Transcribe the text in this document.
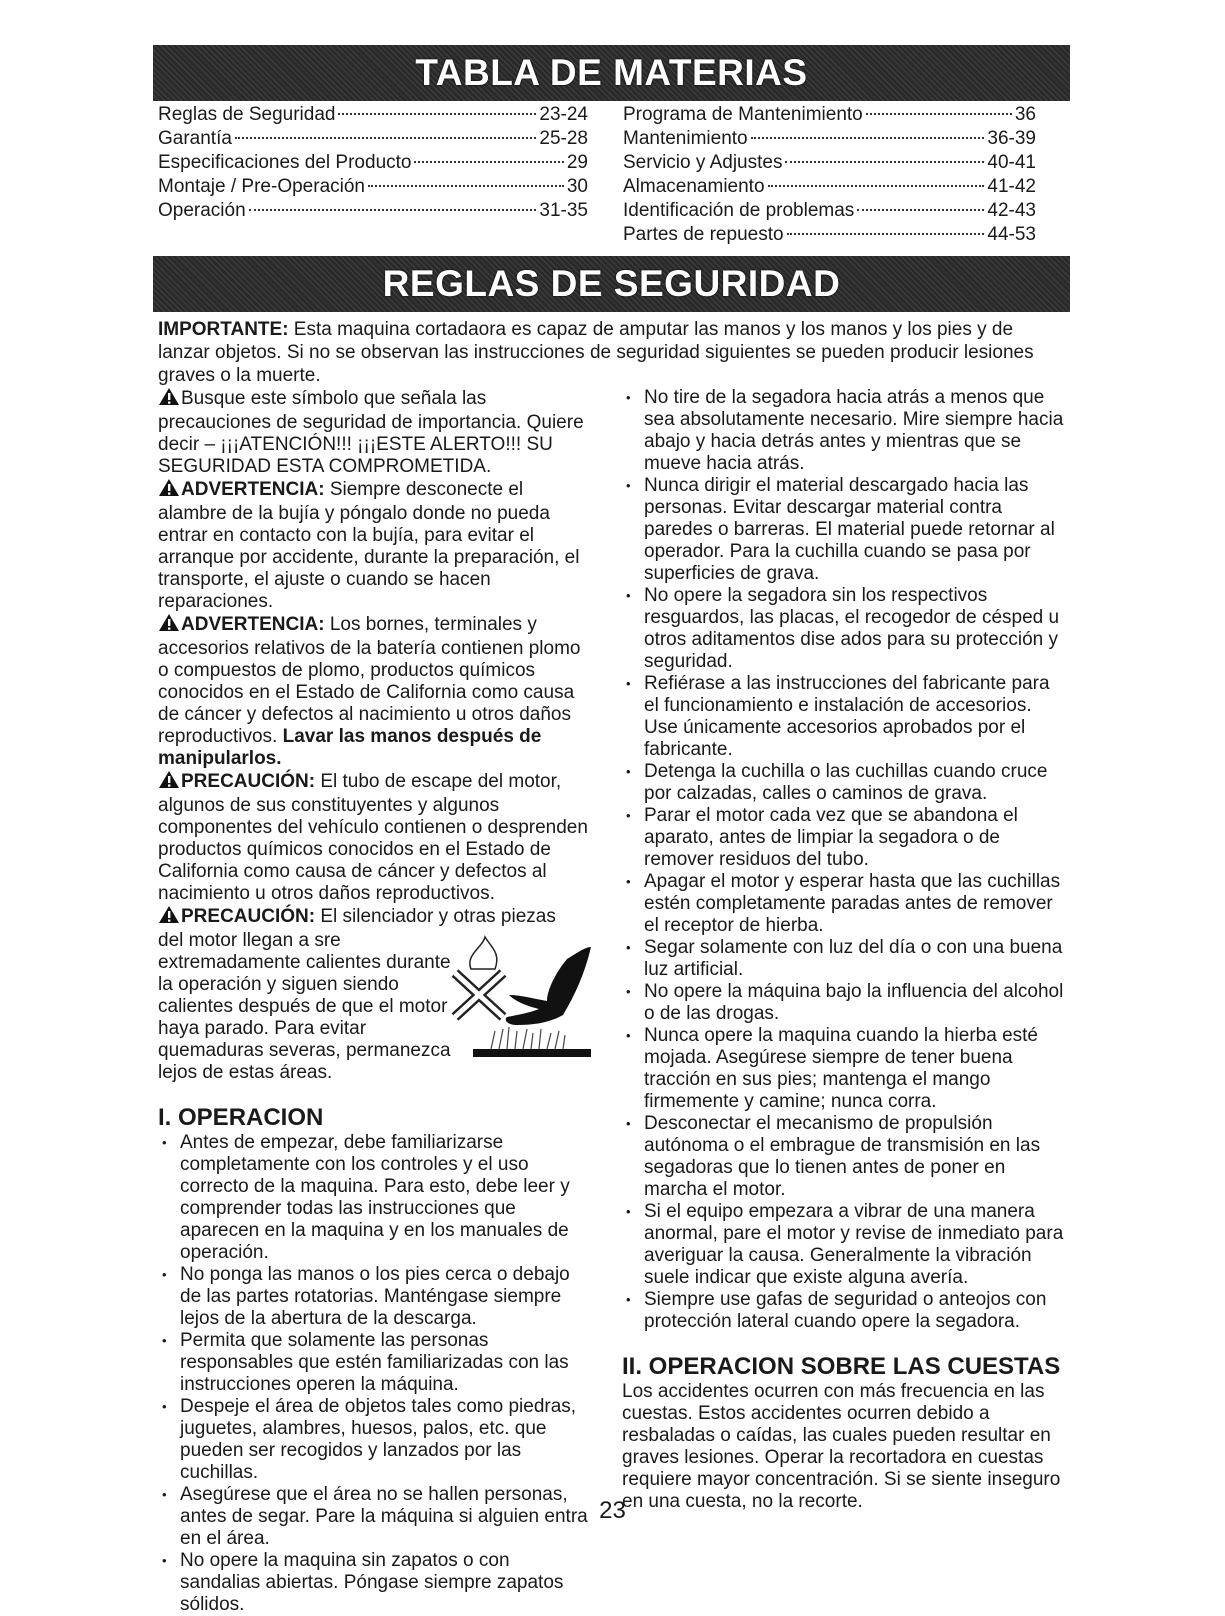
TABLA DE MATERIAS
Reglas de Seguridad	23-24
Garantía	25-28
Especificaciones del Producto	29
Montaje / Pre-Operación	30
Operación	31-35
Programa de Mantenimiento	36
Mantenimiento	36-39
Servicio y Adjustes	40-41
Almacenamiento	41-42
Identificación de problemas	42-43
Partes de repuesto	44-53
REGLAS DE SEGURIDAD

IMPORTANTE: Esta maquina cortadaora es capaz de amputar las manos y los manos y los pies y de lanzar objetos. Si no se observan las instrucciones de seguridad siguientes se pueden producir lesiones graves o la muerte.

Busque este símbolo que señala las precauciones de seguridad de importancia. Quiere decir – ¡¡¡ATENCIÓN!!! ¡¡¡ESTE ALERTO!!! SU SEGURIDAD ESTA COMPROMETIDA.

ADVERTENCIA: Siempre desconecte el alambre de la bujía y póngalo donde no pueda entrar en contacto con la bujía, para evitar el arranque por accidente, durante la preparación, el transporte, el ajuste o cuando se hacen reparaciones.

ADVERTENCIA: Los bornes, terminales y accesorios relativos de la batería contienen plomo o compuestos de plomo, productos químicos conocidos en el Estado de California como causa de cáncer y defectos al nacimiento u otros daños reproductivos. Lavar las manos después de manipularlos.

PRECAUCIÓN: El tubo de escape del motor, algunos de sus constituyentes y algunos componentes del vehículo contienen o desprenden productos químicos conocidos en el Estado de California como causa de cáncer y defectos al nacimiento u otros daños reproductivos.

PRECAUCIÓN: El silenciador y otras piezas

del motor llegan a sre extremadamente calientes durante la operación y siguen siendo calientes después de que el motor haya parado. Para evitar quemaduras severas, permanezca lejos de estas áreas.

I. OPERACION

• Antes de empezar, debe familiarizarse completamente con los controles y el uso correcto de la maquina. Para esto, debe leer y comprender todas las instrucciones que aparecen en la maquina y en los manuales de operación.
• No ponga las manos o los pies cerca o debajo de las partes rotatorias. Manténgase siempre lejos de la abertura de la descarga.
• Permita que solamente las personas responsables que estén familiarizadas con las instrucciones operen la máquina.
• Despeje el área de objetos tales como piedras, juguetes, alambres, huesos, palos, etc. que pueden ser recogidos y lanzados por las cuchillas.
• Asegúrese que el área no se hallen personas, antes de segar. Pare la máquina si alguien entra en el área.
• No opere la maquina sin zapatos o con sandalias abiertas. Póngase siempre zapatos sólidos.
• No tire de la segadora hacia atrás a menos que sea absolutamente necesario. Mire siempre hacia abajo y hacia detrás antes y mientras que se mueve hacia atrás.
• Nunca dirigir el material descargado hacia las personas. Evitar descargar material contra paredes o barreras. El material puede retornar al operador. Para la cuchilla cuando se pasa por superficies de grava.
• No opere la segadora sin los respectivos resguardos, las placas, el recogedor de césped u otros aditamentos dise ados para su protección y seguridad.
• Refiérase a las instrucciones del fabricante para el funcionamiento e instalación de accesorios. Use únicamente accesorios aprobados por el fabricante.
• Detenga la cuchilla o las cuchillas cuando cruce por calzadas, calles o caminos de grava.
• Parar el motor cada vez que se abandona el aparato, antes de limpiar la segadora o de remover residuos del tubo.
• Apagar el motor y esperar hasta que las cuchillas estén completamente paradas antes de remover el receptor de hierba.
• Segar solamente con luz del día o con una buena luz artificial.
• No opere la máquina bajo la influencia del alcohol o de las drogas.
• Nunca opere la maquina cuando la hierba esté mojada. Asegúrese siempre de tener buena tracción en sus pies; mantenga el mango firmemente y camine; nunca corra.
• Desconectar el mecanismo de propulsión autónoma o el embrague de transmisión en las segadoras que lo tienen antes de poner en marcha el motor.
• Si el equipo empezara a vibrar de una manera anormal, pare el motor y revise de inmediato para averiguar la causa. Generalmente la vibración suele indicar que existe alguna avería.
• Siempre use gafas de seguridad o anteojos con protección lateral cuando opere la segadora.

II. OPERACION SOBRE LAS CUESTAS

Los accidentes ocurren con más frecuencia en las cuestas. Estos accidentes ocurren debido a resbaladas o caídas, las cuales pueden resultar en graves lesiones. Operar la recortadora en cuestas requiere mayor concentración. Si se siente inseguro en una cuesta, no la recorte.

23
